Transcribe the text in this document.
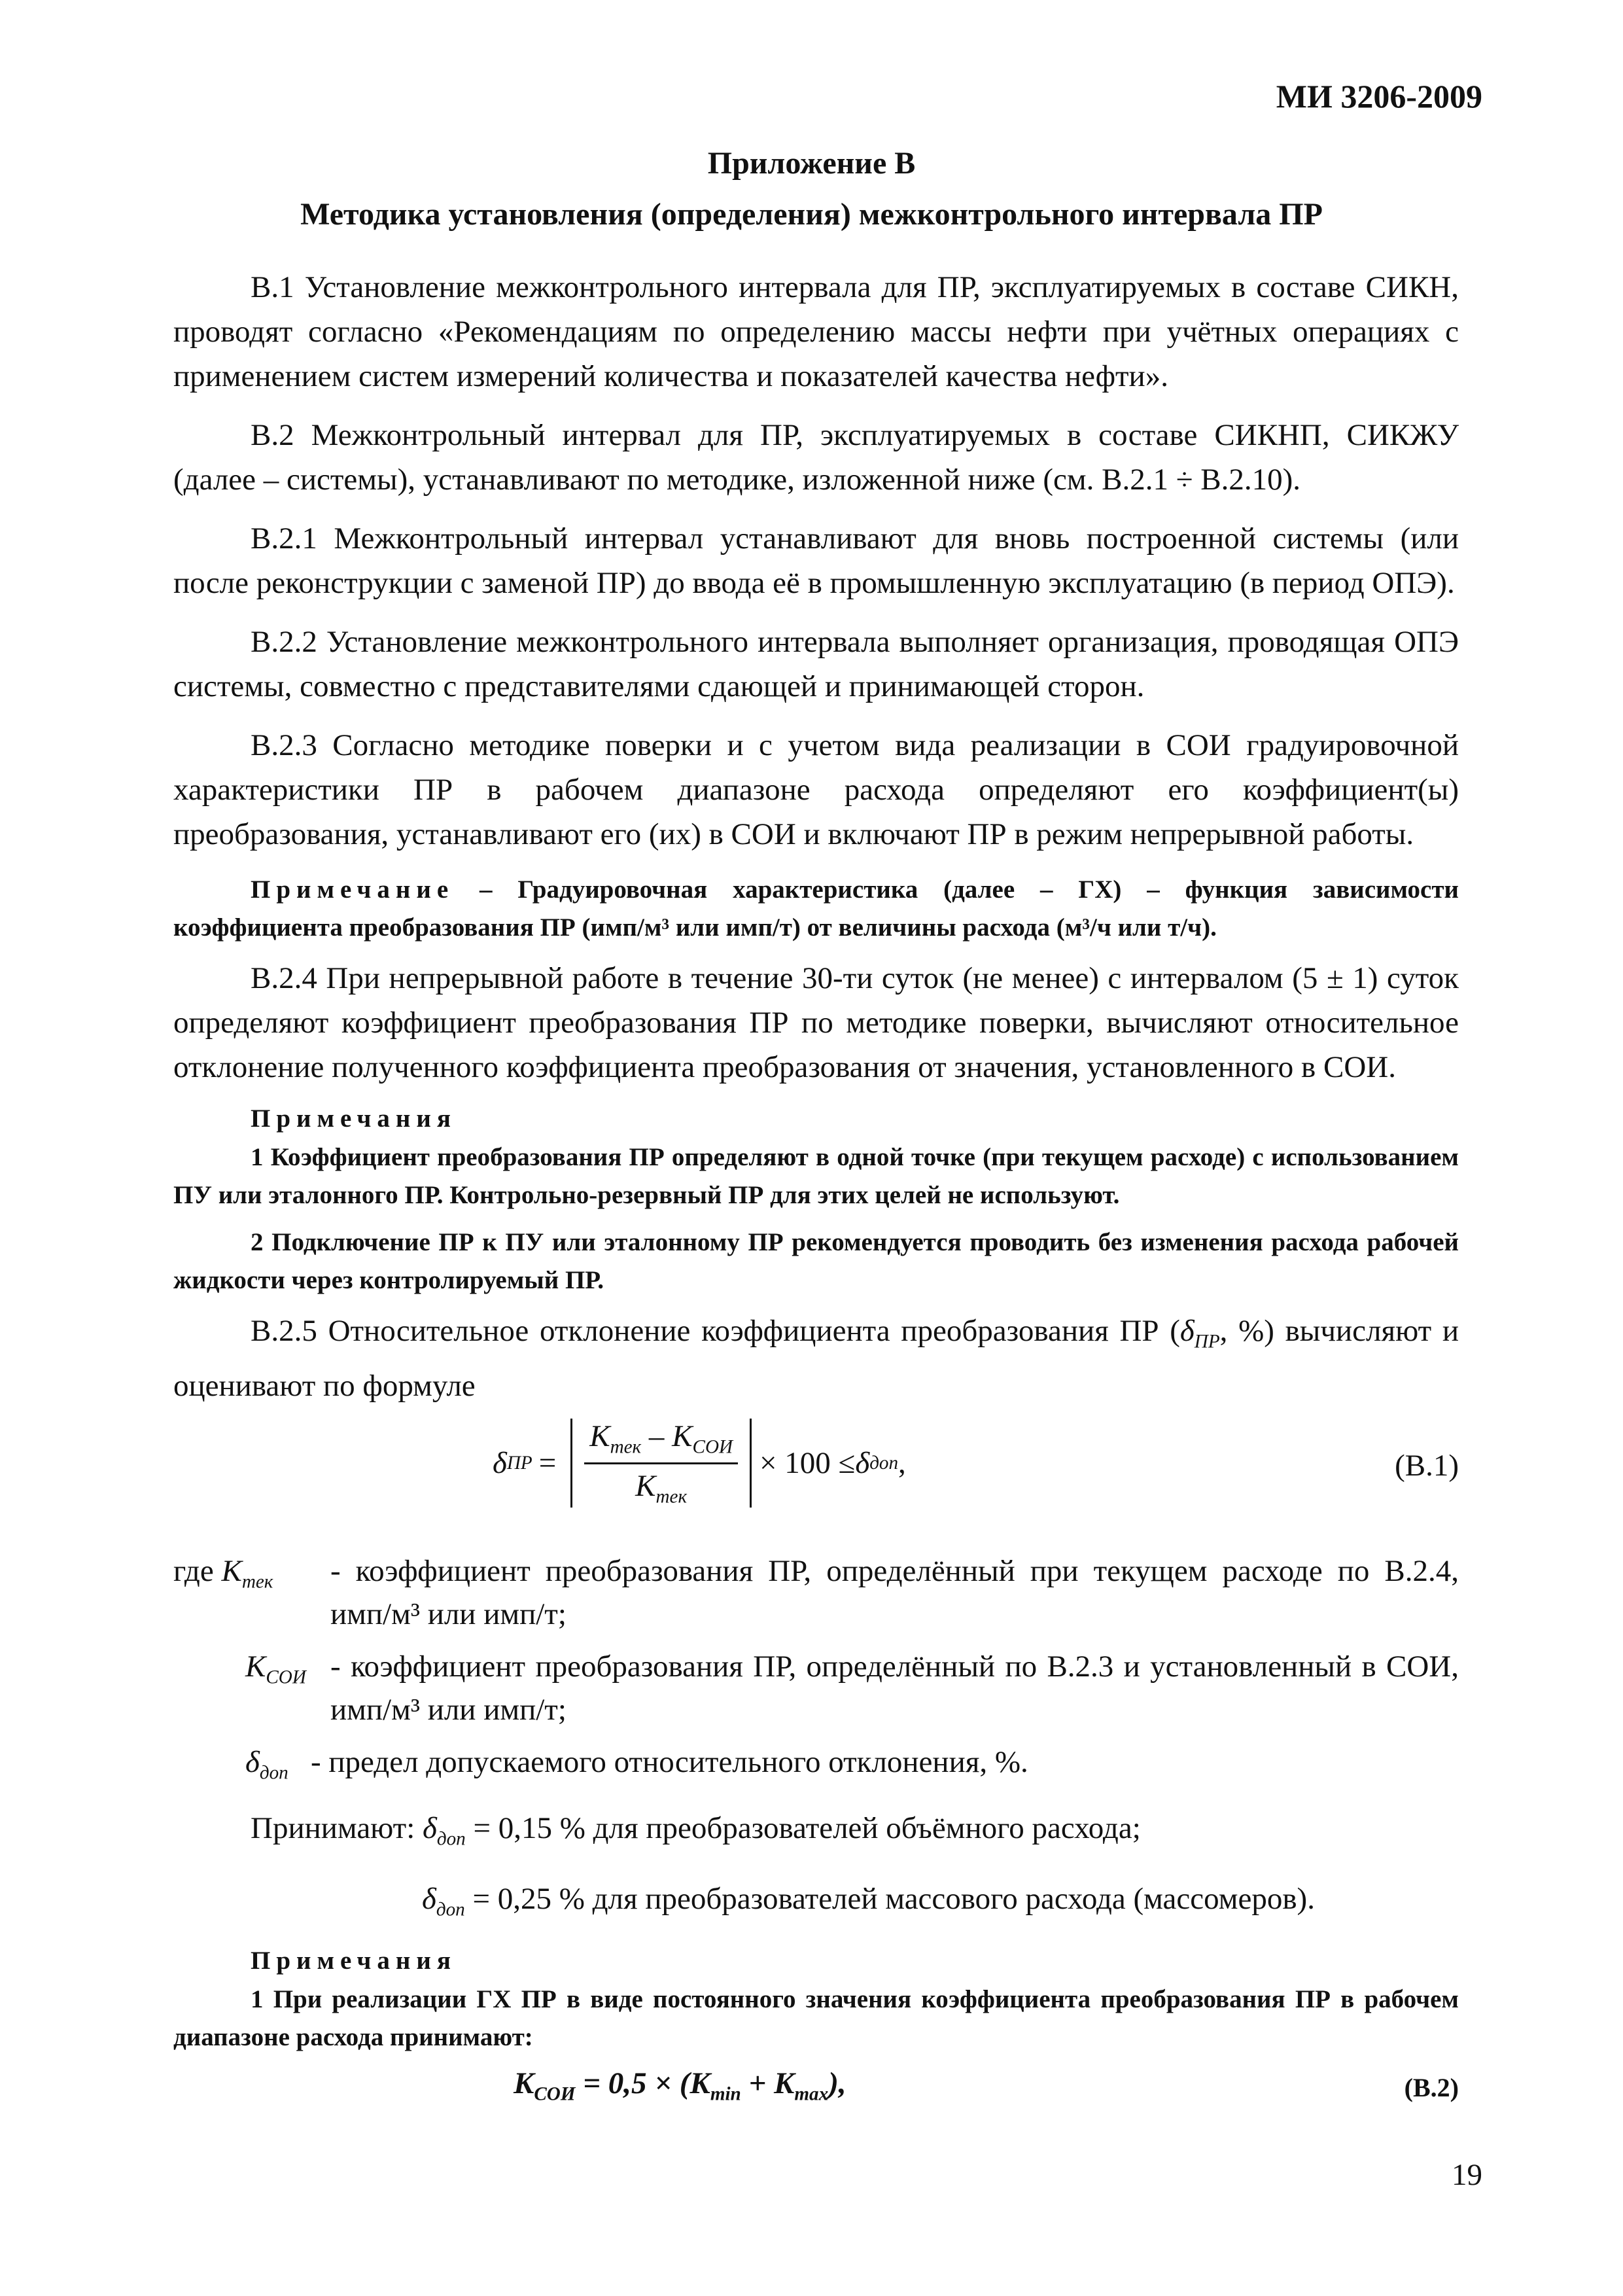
МИ 3206-2009
Приложение В
Методика установления (определения) межконтрольного интервала ПР

В.1 Установление межконтрольного интервала для ПР, эксплуатируемых в составе СИКН, проводят согласно «Рекомендациям по определению массы нефти при учётных операциях с применением систем измерений количества и показателей качества нефти».

В.2 Межконтрольный интервал для ПР, эксплуатируемых в составе СИКНП, СИКЖУ (далее – системы), устанавливают по методике, изложенной ниже (см. В.2.1 ÷ В.2.10).

В.2.1 Межконтрольный интервал устанавливают для вновь построенной системы (или после реконструкции с заменой ПР) до ввода её в промышленную эксплуатацию (в период ОПЭ).

В.2.2 Установление межконтрольного интервала выполняет организация, проводящая ОПЭ системы, совместно с представителями сдающей и принимающей сторон.

В.2.3 Согласно методике поверки и с учетом вида реализации в СОИ градуировочной характеристики ПР в рабочем диапазоне расхода определяют его коэффициент(ы) преобразования, устанавливают его (их) в СОИ и включают ПР в режим непрерывной работы.

Примечание – Градуировочная характеристика (далее – ГХ) – функция зависимости коэффициента преобразования ПР (имп/м³ или имп/т) от величины расхода (м³/ч или т/ч).

В.2.4 При непрерывной работе в течение 30-ти суток (не менее) с интервалом (5 ± 1) суток определяют коэффициент преобразования ПР по методике поверки, вычисляют относительное отклонение полученного коэффициента преобразования от значения, установленного в СОИ.

Примечания

1 Коэффициент преобразования ПР определяют в одной точке (при текущем расходе) с использованием ПУ или эталонного ПР. Контрольно-резервный ПР для этих целей не используют.

2 Подключение ПР к ПУ или эталонному ПР рекомендуется проводить без изменения расхода рабочей жидкости через контролируемый ПР.

В.2.5 Относительное отклонение коэффициента преобразования ПР ($\delta_{ПР}$, %) вычисляют и оценивают по формуле

δ ПР = $\frac{K_{тек} - K_{СОИ}}{K_{тек}} \times 100 \le \delta$ доп ,	(В.1)
где $K_{тек}$	- коэффициент преобразования ПР, определённый при текущем расходе по В.2.4, имп/м³ или имп/т;
$K_{СОИ}$ - коэффициент преобразования ПР, определённый по В.2.3 и установленный в СОИ, имп/м³ или имп/т;
$\delta_{доп}$ - предел допускаемого относительного отклонения, %.
Принимают: $\delta_{доп} = 0,15$ % для преобразователей объёмного расхода;
$\delta_{доп} = 0,25$ % для преобразователей массового расхода (массомеров).
Примечания

1 При реализации ГХ ПР в виде постоянного значения коэффициента преобразования ПР в рабочем диапазоне расхода принимают:

$K_{СОИ} = 0,5 \times (K_{min} + K_{max})$,	(В.2)
19
